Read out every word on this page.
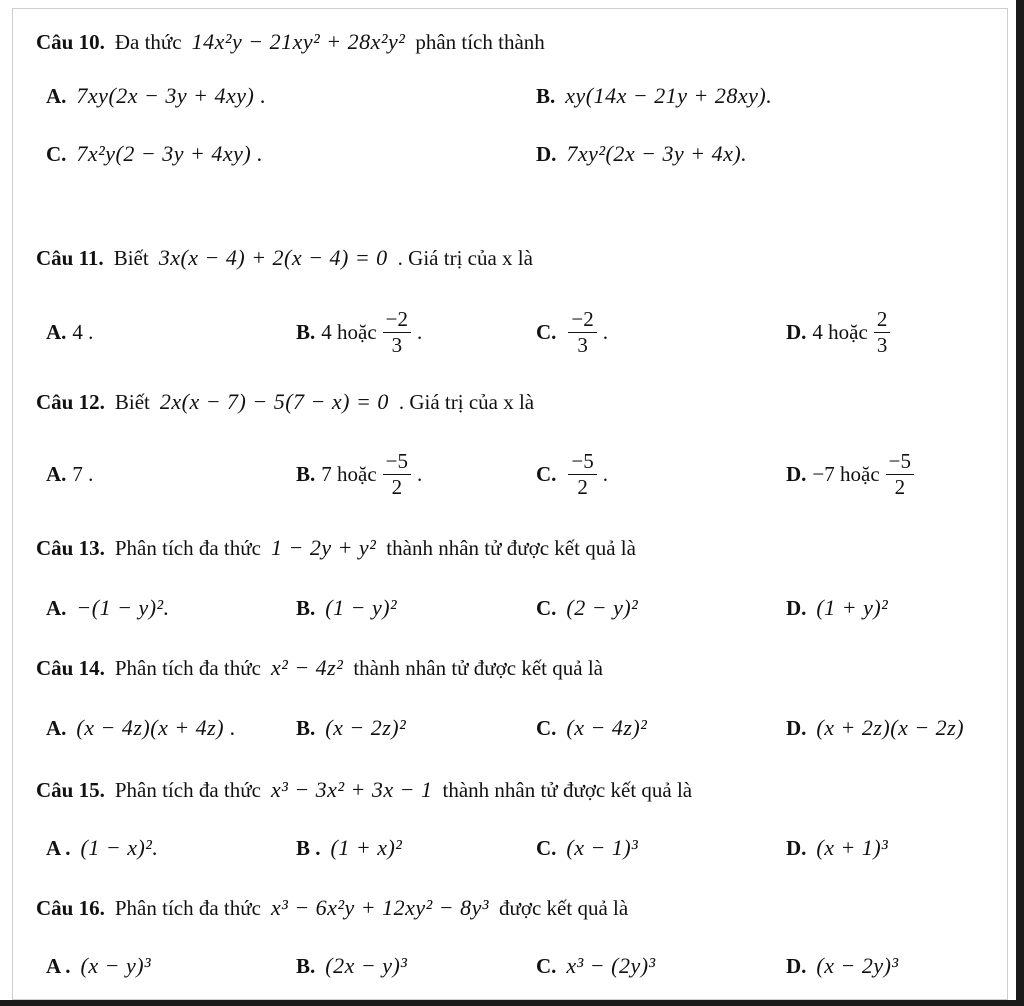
Câu 10. Đa thức 14x²y − 21xy² + 28x²y² phân tích thành
A. 7xy(2x − 3y + 4xy) .	B. xy(14x − 21y + 28xy).
C. 7x²y(2 − 3y + 4xy) .	D. 7xy²(2x − 3y + 4x).
Câu 11. Biết 3x(x − 4) + 2(x − 4) = 0 . Giá trị của x là
A. 4 .	B. 4 hoặc $\frac{-2}{3}$ .	C. $\frac{-2}{3}$ .	D. 4 hoặc $\frac{2}{3}$
Câu 12. Biết 2x(x − 7) − 5(7 − x) = 0 . Giá trị của x là
A. 7 .	B. 7 hoặc $\frac{-5}{2}$ .	C. $\frac{-5}{2}$ .	D. −7 hoặc $\frac{-5}{2}$
Câu 13. Phân tích đa thức 1 − 2y + y² thành nhân tử được kết quả là
A. −(1 − y)².	B. (1 − y)²	C. (2 − y)²	D. (1 + y)²
Câu 14. Phân tích đa thức x² − 4z² thành nhân tử được kết quả là
A. (x − 4z)(x + 4z) .	B. (x − 2z)²	C. (x − 4z)²	D. (x + 2z)(x − 2z)
Câu 15. Phân tích đa thức x³ − 3x² + 3x − 1 thành nhân tử được kết quả là
A . (1 − x)².	B . (1 + x)²	C. (x − 1)³	D. (x + 1)³
Câu 16. Phân tích đa thức x³ − 6x²y + 12xy² − 8y³ được kết quả là
A . (x − y)³	B. (2x − y)³	C. x³ − (2y)³	D. (x − 2y)³
